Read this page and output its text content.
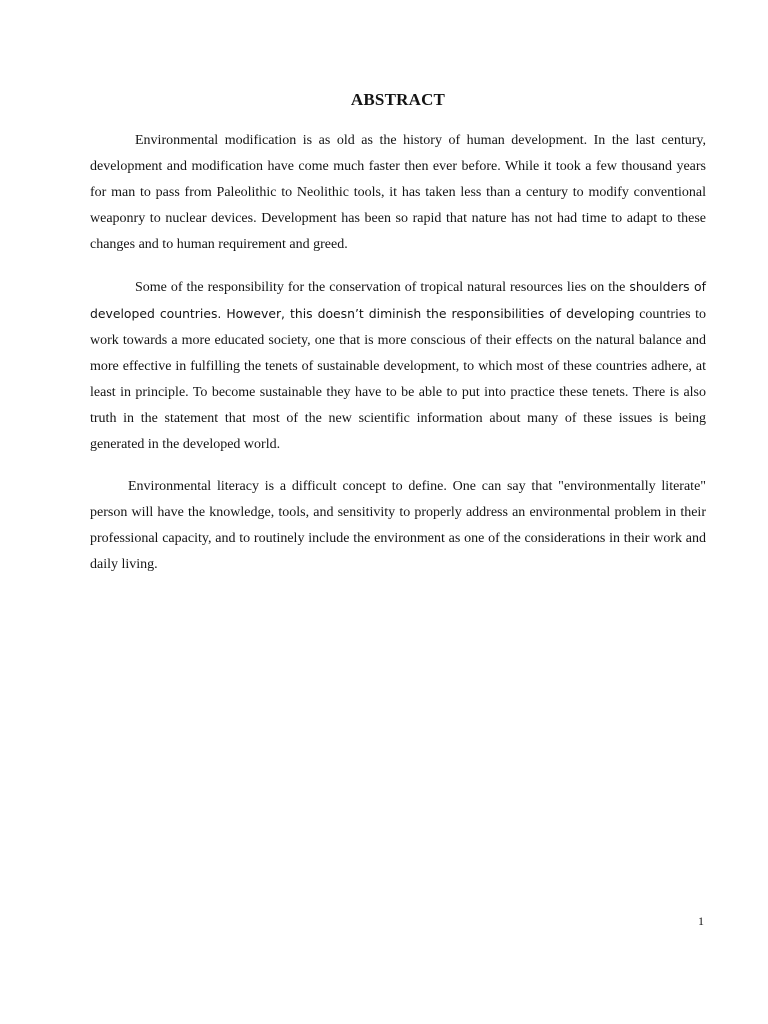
ABSTRACT

Environmental modification is as old as the history of human development. In the last century, development and modification have come much faster then ever before. While it took a few thousand years for man to pass from Paleolithic to Neolithic tools, it has taken less than a century to modify conventional weaponry to nuclear devices. Development has been so rapid that nature has not had time to adapt to these changes and to human requirement and greed.

Some of the responsibility for the conservation of tropical natural resources lies on the shoulders of developed countries. However, this doesn’t diminish the responsibilities of developing countries to work towards a more educated society, one that is more conscious of their effects on the natural balance and more effective in fulfilling the tenets of sustainable development, to which most of these countries adhere, at least in principle. To become sustainable they have to be able to put into practice these tenets. There is also truth in the statement that most of the new scientific information about many of these issues is being generated in the developed world.

Environmental literacy is a difficult concept to define. One can say that "environmentally literate" person will have the knowledge, tools, and sensitivity to properly address an environmental problem in their professional capacity, and to routinely include the environment as one of the considerations in their work and daily living.

1
